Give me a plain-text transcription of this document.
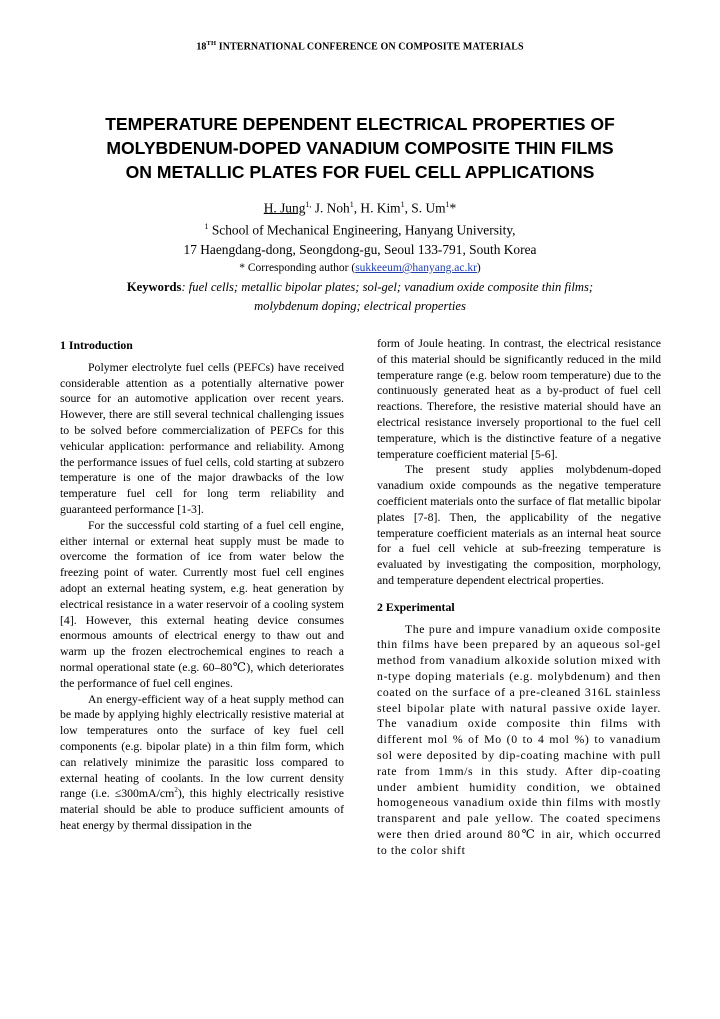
18TH INTERNATIONAL CONFERENCE ON COMPOSITE MATERIALS
TEMPERATURE DEPENDENT ELECTRICAL PROPERTIES OF
MOLYBDENUM-DOPED VANADIUM COMPOSITE THIN FILMS
ON METALLIC PLATES FOR FUEL CELL APPLICATIONS
H. Jung$^{1,}$ J. Noh$^1$, H. Kim$^1$, S. Um$^1$*
$^1$ School of Mechanical Engineering, Hanyang University,
17 Haengdang-dong, Seongdong-gu, Seoul 133-791, South Korea
* Corresponding author (sukkeeum@hanyang.ac.kr)
Keywords: fuel cells; metallic bipolar plates; sol-gel; vanadium oxide composite thin films;
molybdenum doping; electrical properties
1 Introduction

Polymer electrolyte fuel cells (PEFCs) have received considerable attention as a potentially alternative power source for an automotive application over recent years. However, there are still several technical challenging issues to be solved before commercialization of PEFCs for this vehicular application: performance and reliability. Among the performance issues of fuel cells, cold starting at subzero temperature is one of the major drawbacks of the low temperature fuel cell for long term reliability and guaranteed performance [1-3].

For the successful cold starting of a fuel cell engine, either internal or external heat supply must be made to overcome the formation of ice from water below the freezing point of water. Currently most fuel cell engines adopt an external heating system, e.g. heat generation by electrical resistance in a water reservoir of a cooling system [4]. However, this external heating device consumes enormous amounts of electrical energy to thaw out and warm up the frozen electrochemical engines to reach a normal operational state (e.g. 60–80℃), which deteriorates the performance of fuel cell engines.

An energy-efficient way of a heat supply method can be made by applying highly electrically resistive material at low temperatures onto the surface of key fuel cell components (e.g. bipolar plate) in a thin film form, which can relatively minimize the parasitic loss compared to external heating of coolants. In the low current density range (i.e. $\le 300mA/cm^2$), this highly electrically resistive material should be able to produce sufficient amounts of heat energy by thermal dissipation in the

form of Joule heating. In contrast, the electrical resistance of this material should be significantly reduced in the mild temperature range (e.g. below room temperature) due to the continuously generated heat as a by-product of fuel cell reactions. Therefore, the resistive material should have an electrical resistance inversely proportional to the fuel cell temperature, which is the distinctive feature of a negative temperature coefficient material [5-6].

The present study applies molybdenum-doped vanadium oxide compounds as the negative temperature coefficient materials onto the surface of flat metallic bipolar plates [7-8]. Then, the applicability of the negative temperature coefficient materials as an internal heat source for a fuel cell vehicle at sub-freezing temperature is evaluated by investigating the composition, morphology, and temperature dependent electrical properties.

2 Experimental

The pure and impure vanadium oxide composite thin films have been prepared by an aqueous sol-gel method from vanadium alkoxide solution mixed with n-type doping materials (e.g. molybdenum) and then coated on the surface of a pre-cleaned 316L stainless steel bipolar plate with natural passive oxide layer. The vanadium oxide composite thin films with different mol % of Mo (0 to 4 mol %) to vanadium sol were deposited by dip-coating machine with pull rate from 1mm/s in this study. After dip-coating under ambient humidity condition, we obtained homogeneous vanadium oxide thin films with mostly transparent and pale yellow. The coated specimens were then dried around 80℃ in air, which occurred to the color shift
